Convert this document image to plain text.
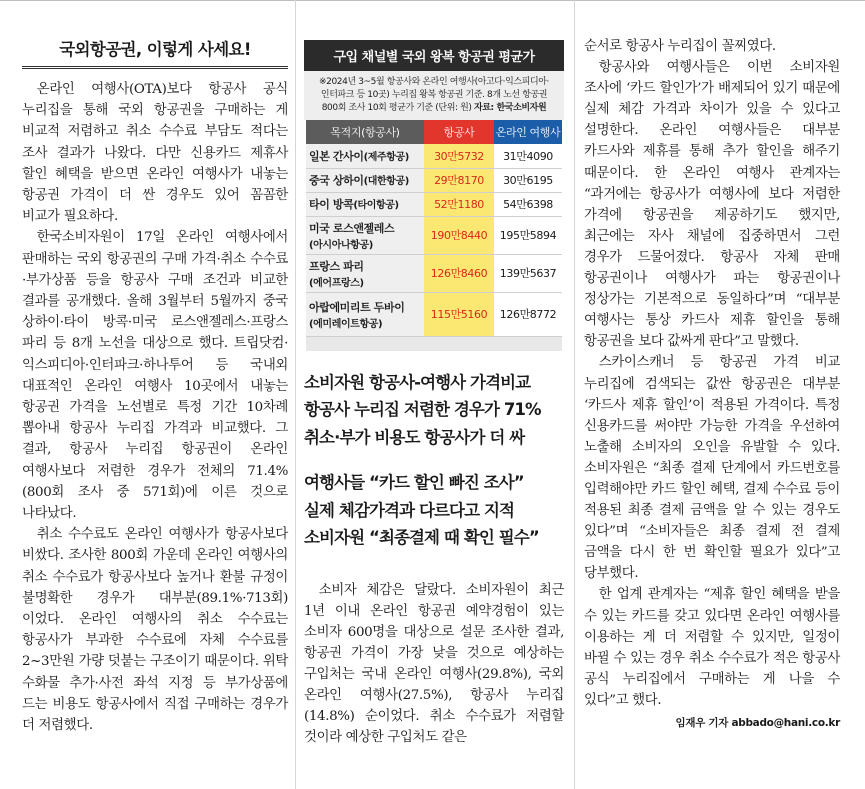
국외항공권, 이렇게 사세요!

온라인 여행사(OTA)보다 항공사 공식 누리집을 통해 국외 항공권을 구매하는 게 비교적 저렴하고 취소 수수료 부담도 적다는 조사 결과가 나왔다. 다만 신용카드 제휴사 할인 혜택을 받으면 온라인 여행사가 내놓는 항공권 가격이 더 싼 경우도 있어 꼼꼼한 비교가 필요하다.

한국소비자원이 17일 온라인 여행사에서 판매하는 국외 항공권의 구매 가격·취소 수수료·부가상품 등을 항공사 구매 조건과 비교한 결과를 공개했다. 올해 3월부터 5월까지 중국 상하이·타이 방콕·미국 로스앤젤레스·프랑스 파리 등 8개 노선을 대상으로 했다. 트립닷컴·익스피디아·인터파크·하나투어 등 국내외 대표적인 온라인 여행사 10곳에서 내놓는 항공권 가격을 노선별로 특정 기간 10차례 뽑아내 항공사 누리집 가격과 비교했다. 그 결과, 항공사 누리집 항공권이 온라인 여행사보다 저렴한 경우가 전체의 71.4%(800회 조사 중 571회)에 이른 것으로 나타났다.

취소 수수료도 온라인 여행사가 항공사보다 비쌌다. 조사한 800회 가운데 온라인 여행사의 취소 수수료가 항공사보다 높거나 환불 규정이 불명확한 경우가 대부분(89.1%·713회)이었다. 온라인 여행사의 취소 수수료는 항공사가 부과한 수수료에 자체 수수료를 2~3만원 가량 덧붙는 구조이기 때문이다. 위탁 수화물 추가·사전 좌석 지정 등 부가상품에 드는 비용도 항공사에서 직접 구매하는 경우가 더 저렴했다.

구입 채널별 국외 왕복 항공권 평균가
※2024년 3~5월 항공사와 온라인 여행사(아고다·익스피디아·
인터파크 등 10곳) 누리집 왕복 항공권 기준. 8개 노선 항공권
800회 조사 10회 평균가 기준 (단위: 원) 자료: 한국소비자원
목적지(항공사)	항공사	온라인 여행사
일본 간사이(제주항공)	30만5732	31만4090
중국 상하이(대한항공)	29만8170	30만6195
타이 방콕(타이항공)	52만1180	54만6398

미국 로스앤젤레스
(아시아나항공)	190만8440	195만5894

프랑스 파리
(에어프랑스)	126만8460	139만5637

아랍에미리트 두바이
(에미레이트항공)	115만5160	126만8772
소비자원 항공사-여행사 가격비교
항공사 누리집 저렴한 경우가 71%
취소·부가 비용도 항공사가 더 싸
여행사들 “카드 할인 빠진 조사”
실제 체감가격과 다르다고 지적
소비자원 “최종결제 때 확인 필수”

소비자 체감은 달랐다. 소비자원이 최근 1년 이내 온라인 항공권 예약경험이 있는 소비자 600명을 대상으로 설문 조사한 결과, 항공권 가격이 가장 낮을 것으로 예상하는 구입처는 국내 온라인 여행사(29.8%), 국외 온라인 여행사(27.5%), 항공사 누리집(14.8%) 순이었다. 취소 수수료가 저렴할 것이라 예상한 구입처도 같은

순서로 항공사 누리집이 꼴찌였다.

항공사와 여행사들은 이번 소비자원 조사에 ‘카드 할인가’가 배제되어 있기 때문에 실제 체감 가격과 차이가 있을 수 있다고 설명한다. 온라인 여행사들은 대부분 카드사와 제휴를 통해 추가 할인을 해주기 때문이다. 한 온라인 여행사 관계자는 “과거에는 항공사가 여행사에 보다 저렴한 가격에 항공권을 제공하기도 했지만, 최근에는 자사 채널에 집중하면서 그런 경우가 드물어졌다. 항공사 자체 판매 항공권이나 여행사가 파는 항공권이나 정상가는 기본적으로 동일하다”며 “대부분 여행사는 통상 카드사 제휴 할인을 통해 항공권을 보다 값싸게 판다”고 말했다.

스카이스캐너 등 항공권 가격 비교 누리집에 검색되는 값싼 항공권은 대부분 ‘카드사 제휴 할인’이 적용된 가격이다. 특정 신용카드를 써야만 가능한 가격을 우선하여 노출해 소비자의 오인을 유발할 수 있다. 소비자원은 “최종 결제 단계에서 카드번호를 입력해야만 카드 할인 혜택, 결제 수수료 등이 적용된 최종 결제 금액을 알 수 있는 경우도 있다”며 “소비자들은 최종 결제 전 결제 금액을 다시 한 번 확인할 필요가 있다”고 당부했다.

한 업계 관계자는 “제휴 할인 혜택을 받을 수 있는 카드를 갖고 있다면 온라인 여행사를 이용하는 게 더 저렴할 수 있지만, 일정이 바뀔 수 있는 경우 취소 수수료가 적은 항공사 공식 누리집에서 구매하는 게 나을 수 있다”고 했다.

임재우 기자 abbado@hani.co.kr
